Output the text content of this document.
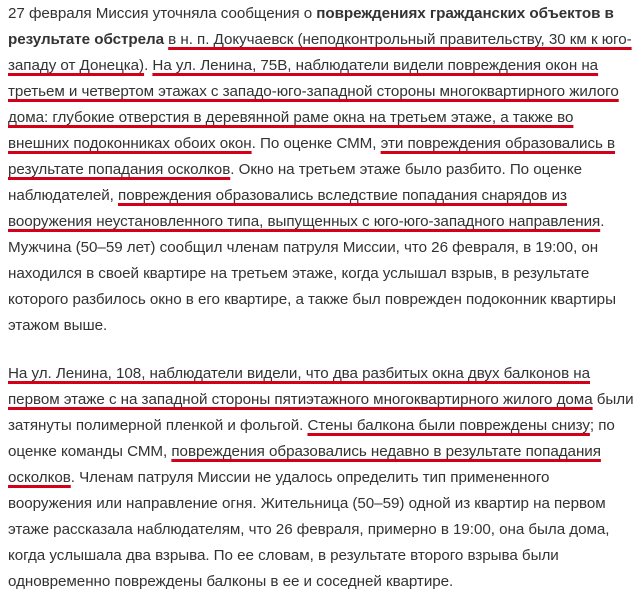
27 февраля Миссия уточняла сообщения о повреждениях гражданских объектов в результате обстрела в н. п. Докучаевск (неподконтрольный правительству, 30 км к юго-западу от Донецка). На ул. Ленина, 75В, наблюдатели видели повреждения окон на третьем и четвертом этажах с западо-юго-западной стороны многоквартирного жилого дома: глубокие отверстия в деревянной раме окна на третьем этаже, а также во внешних подоконниках обоих окон. По оценке СММ, эти повреждения образовались в результате попадания осколков. Окно на третьем этаже было разбито. По оценке наблюдателей, повреждения образовались вследствие попадания снарядов из вооружения неустановленного типа, выпущенных с юго-юго-западного направления. Мужчина (50–59 лет) сообщил членам патруля Миссии, что 26 февраля, в 19:00, он находился в своей квартире на третьем этаже, когда услышал взрыв, в результате которого разбилось окно в его квартире, а также был поврежден подоконник квартиры этажом выше.

На ул. Ленина, 108, наблюдатели видели, что два разбитых окна двух балконов на первом этаже с на западной стороны пятиэтажного многоквартирного жилого дома были затянуты полимерной пленкой и фольгой. Стены балкона были повреждены снизу; по оценке команды СММ, повреждения образовались недавно в результате попадания осколков. Членам патруля Миссии не удалось определить тип примененного вооружения или направление огня. Жительница (50–59) одной из квартир на первом этаже рассказала наблюдателям, что 26 февраля, примерно в 19:00, она была дома, когда услышала два взрыва. По ее словам, в результате второго взрыва были одновременно повреждены балконы в ее и соседней квартире.
